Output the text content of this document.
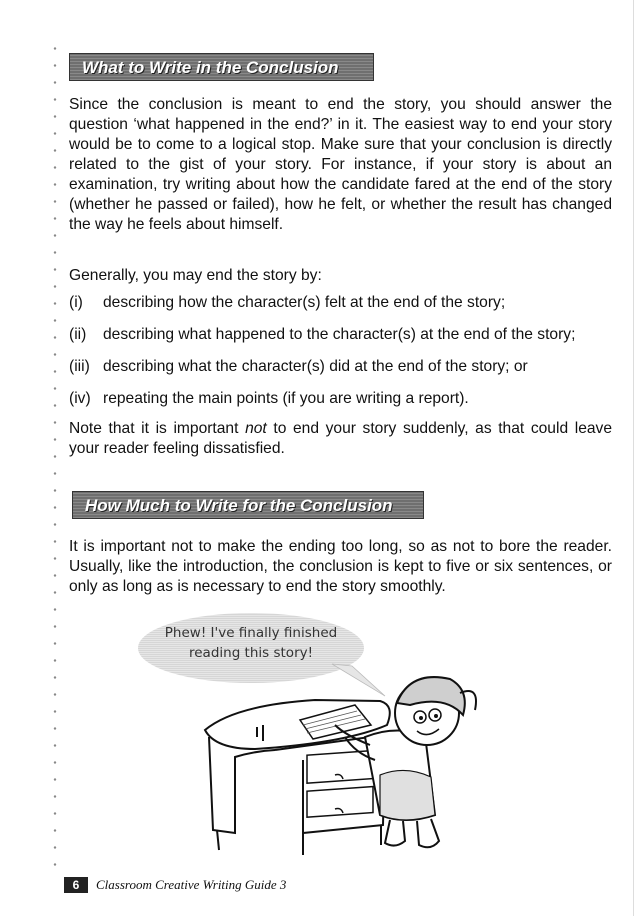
What to Write in the Conclusion

Since the conclusion is meant to end the story, you should answer the question ‘what happened in the end?’ in it. The easiest way to end your story would be to come to a logical stop. Make sure that your conclusion is directly related to the gist of your story. For instance, if your story is about an examination, try writing about how the candidate fared at the end of the story (whether he passed or failed), how he felt, or whether the result has changed the way he feels about himself.

Generally, you may end the story by:

(i)	describing how the character(s) felt at the end of the story;
(ii)	describing what happened to the character(s) at the end of the story;
(iii) describing what the character(s) did at the end of the story; or
(iv) repeating the main points (if you are writing a report).

Note that it is important not to end your story suddenly, as that could leave your reader feeling dissatisfied.

How Much to Write for the Conclusion

It is important not to make the ending too long, so as not to bore the reader. Usually, like the introduction, the conclusion is kept to five or six sentences, or only as long as is necessary to end the story smoothly.

Phew! I've finally finished
reading this story!
6	Classroom Creative Writing Guide 3
